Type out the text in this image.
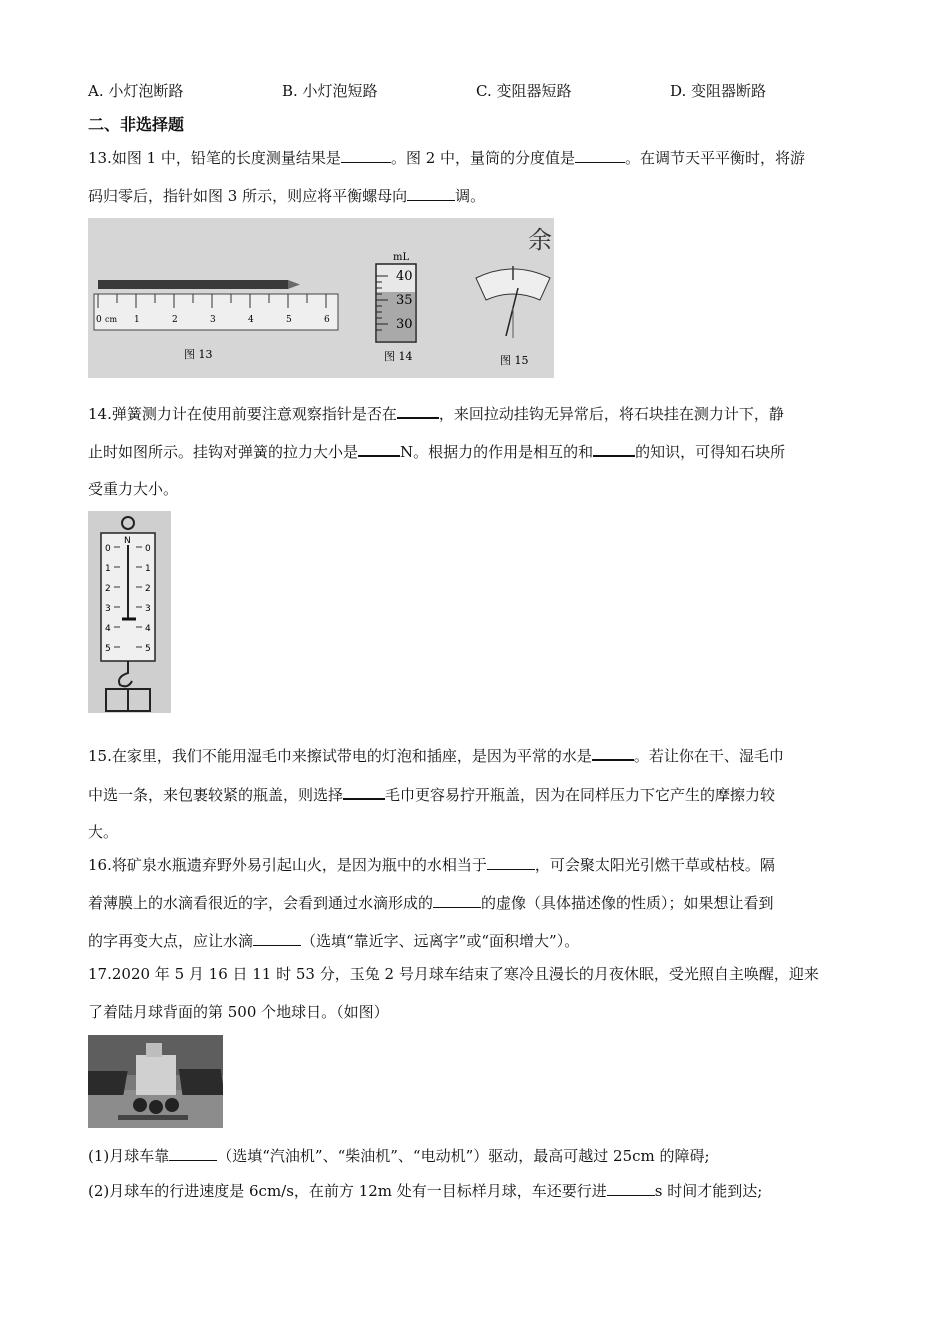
A. 小灯泡断路	B. 小灯泡短路	C. 变阻器短路	D. 变阻器断路
二、非选择题
13.如图 1 中，铅笔的长度测量结果是	。图 2 中，量筒的分度值是	。在调节天平平衡时，将游
码归零后，指针如图 3 所示，则应将平衡螺母向	调。
0 cm	2
1	3	4	5	6
图 13
mL
40
35
30
图 14
余
图 15
14.弹簧测力计在使用前要注意观察指针是否在	，来回拉动挂钩无异常后，将石块挂在测力计下，静
止时如图所示。挂钩对弹簧的拉力大小是	N。根据力的作用是相互的和	的知识，可得知石块所
受重力大小。
N
0
1
2
3
4
5
0
1
2
3
4
5
15.在家里，我们不能用湿毛巾来擦试带电的灯泡和插座，是因为平常的水是	。若让你在干、湿毛巾
中选一条，来包裹较紧的瓶盖，则选择	毛巾更容易拧开瓶盖，因为在同样压力下它产生的摩擦力较
大。
16.将矿泉水瓶遗弃野外易引起山火，是因为瓶中的水相当于	，可会聚太阳光引燃干草或枯枝。隔
着薄膜上的水滴看很近的字，会看到通过水滴形成的	的虚像（具体描述像的性质）；如果想让看到
的字再变大点，应让水滴	（选填“靠近字、远离字”或“面积增大”）。
17.2020 年 5 月 16 日 11 时 53 分，玉兔 2 号月球车结束了寒冷且漫长的月夜休眠，受光照自主唤醒，迎来
了着陆月球背面的第 500 个地球日。（如图）
(1)月球车靠	（选填“汽油机”、“柴油机”、“电动机”）驱动，最高可越过 25cm 的障碍;
(2)月球车的行进速度是 6cm/s，在前方 12m 处有一目标样月球，车还要行进	s 时间才能到达;
